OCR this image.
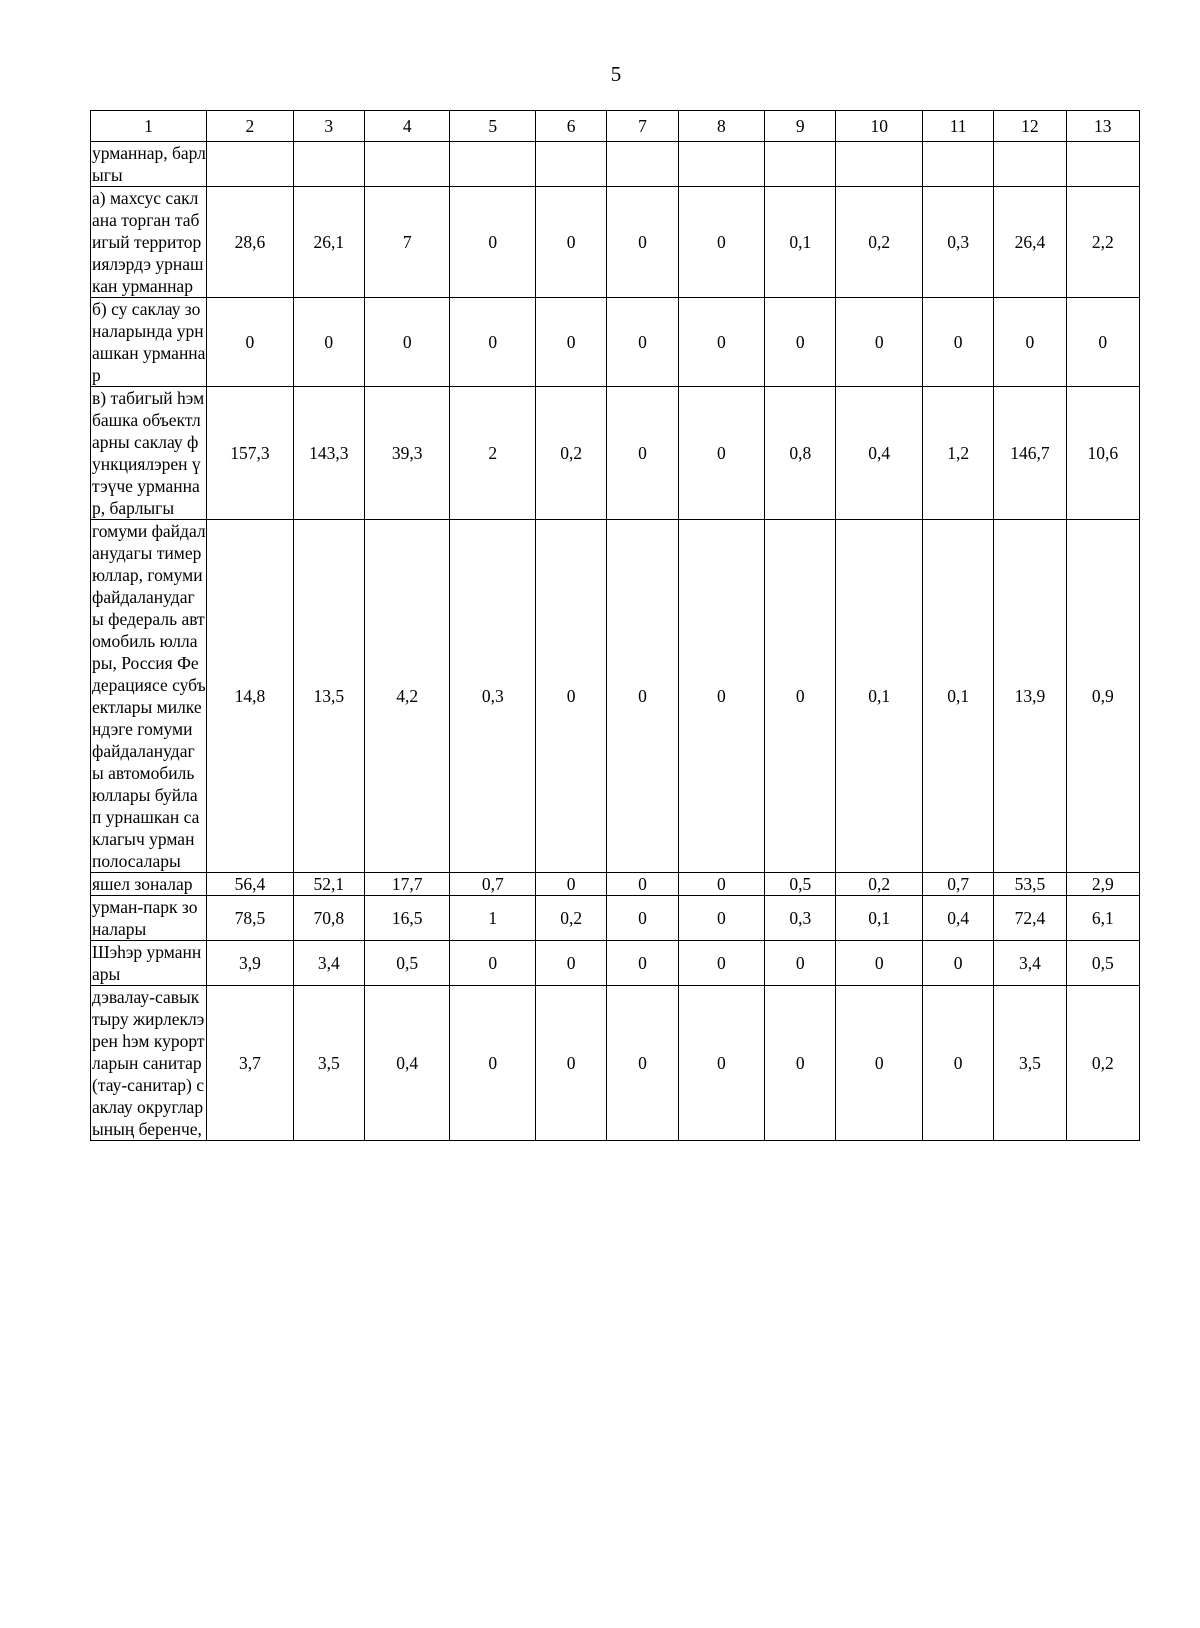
5
1	2	3	4	5	6	7	8	9	10	11	12	13
урманнар, барлыгы												
а) махсус саклана торган табигый территориялэрдэ урнашкан урманнар	28,6	26,1	7	0	0	0	0	0,1	0,2	0,3	26,4	2,2
б) су саклау зоналарында урнашкан урманнар	0	0	0	0	0	0	0	0	0	0	0	0
в) табигый һэм башка объектларны саклау функциялэрен үтэүче урманнар, барлыгы	157,3	143,3	39,3	2	0,2	0	0	0,8	0,4	1,2	146,7	10,6
гомуми файдаланудагы тимер юллар, гомуми файдаланудагы федераль автомобиль юллары, Россия Федерациясе субъектлары милкендэге гомуми файдаланудагы автомобиль юллары буйлап урнашкан саклагыч урман полосалары	14,8	13,5	4,2	0,3	0	0	0	0	0,1	0,1	13,9	0,9
яшел зоналар	56,4	52,1	17,7	0,7	0	0	0	0,5	0,2	0,7	53,5	2,9
урман-парк зоналары	78,5	70,8	16,5	1	0,2	0	0	0,3	0,1	0,4	72,4	6,1
Шэһэр урманнары	3,9	3,4	0,5	0	0	0	0	0	0	0	3,4	0,5
дэвалау-савыктыру жирлеклэрен һэм курортларын санитар (тау-санитар) саклау округларының беренче,	3,7	3,5	0,4	0	0	0	0	0	0	0	3,5	0,2
